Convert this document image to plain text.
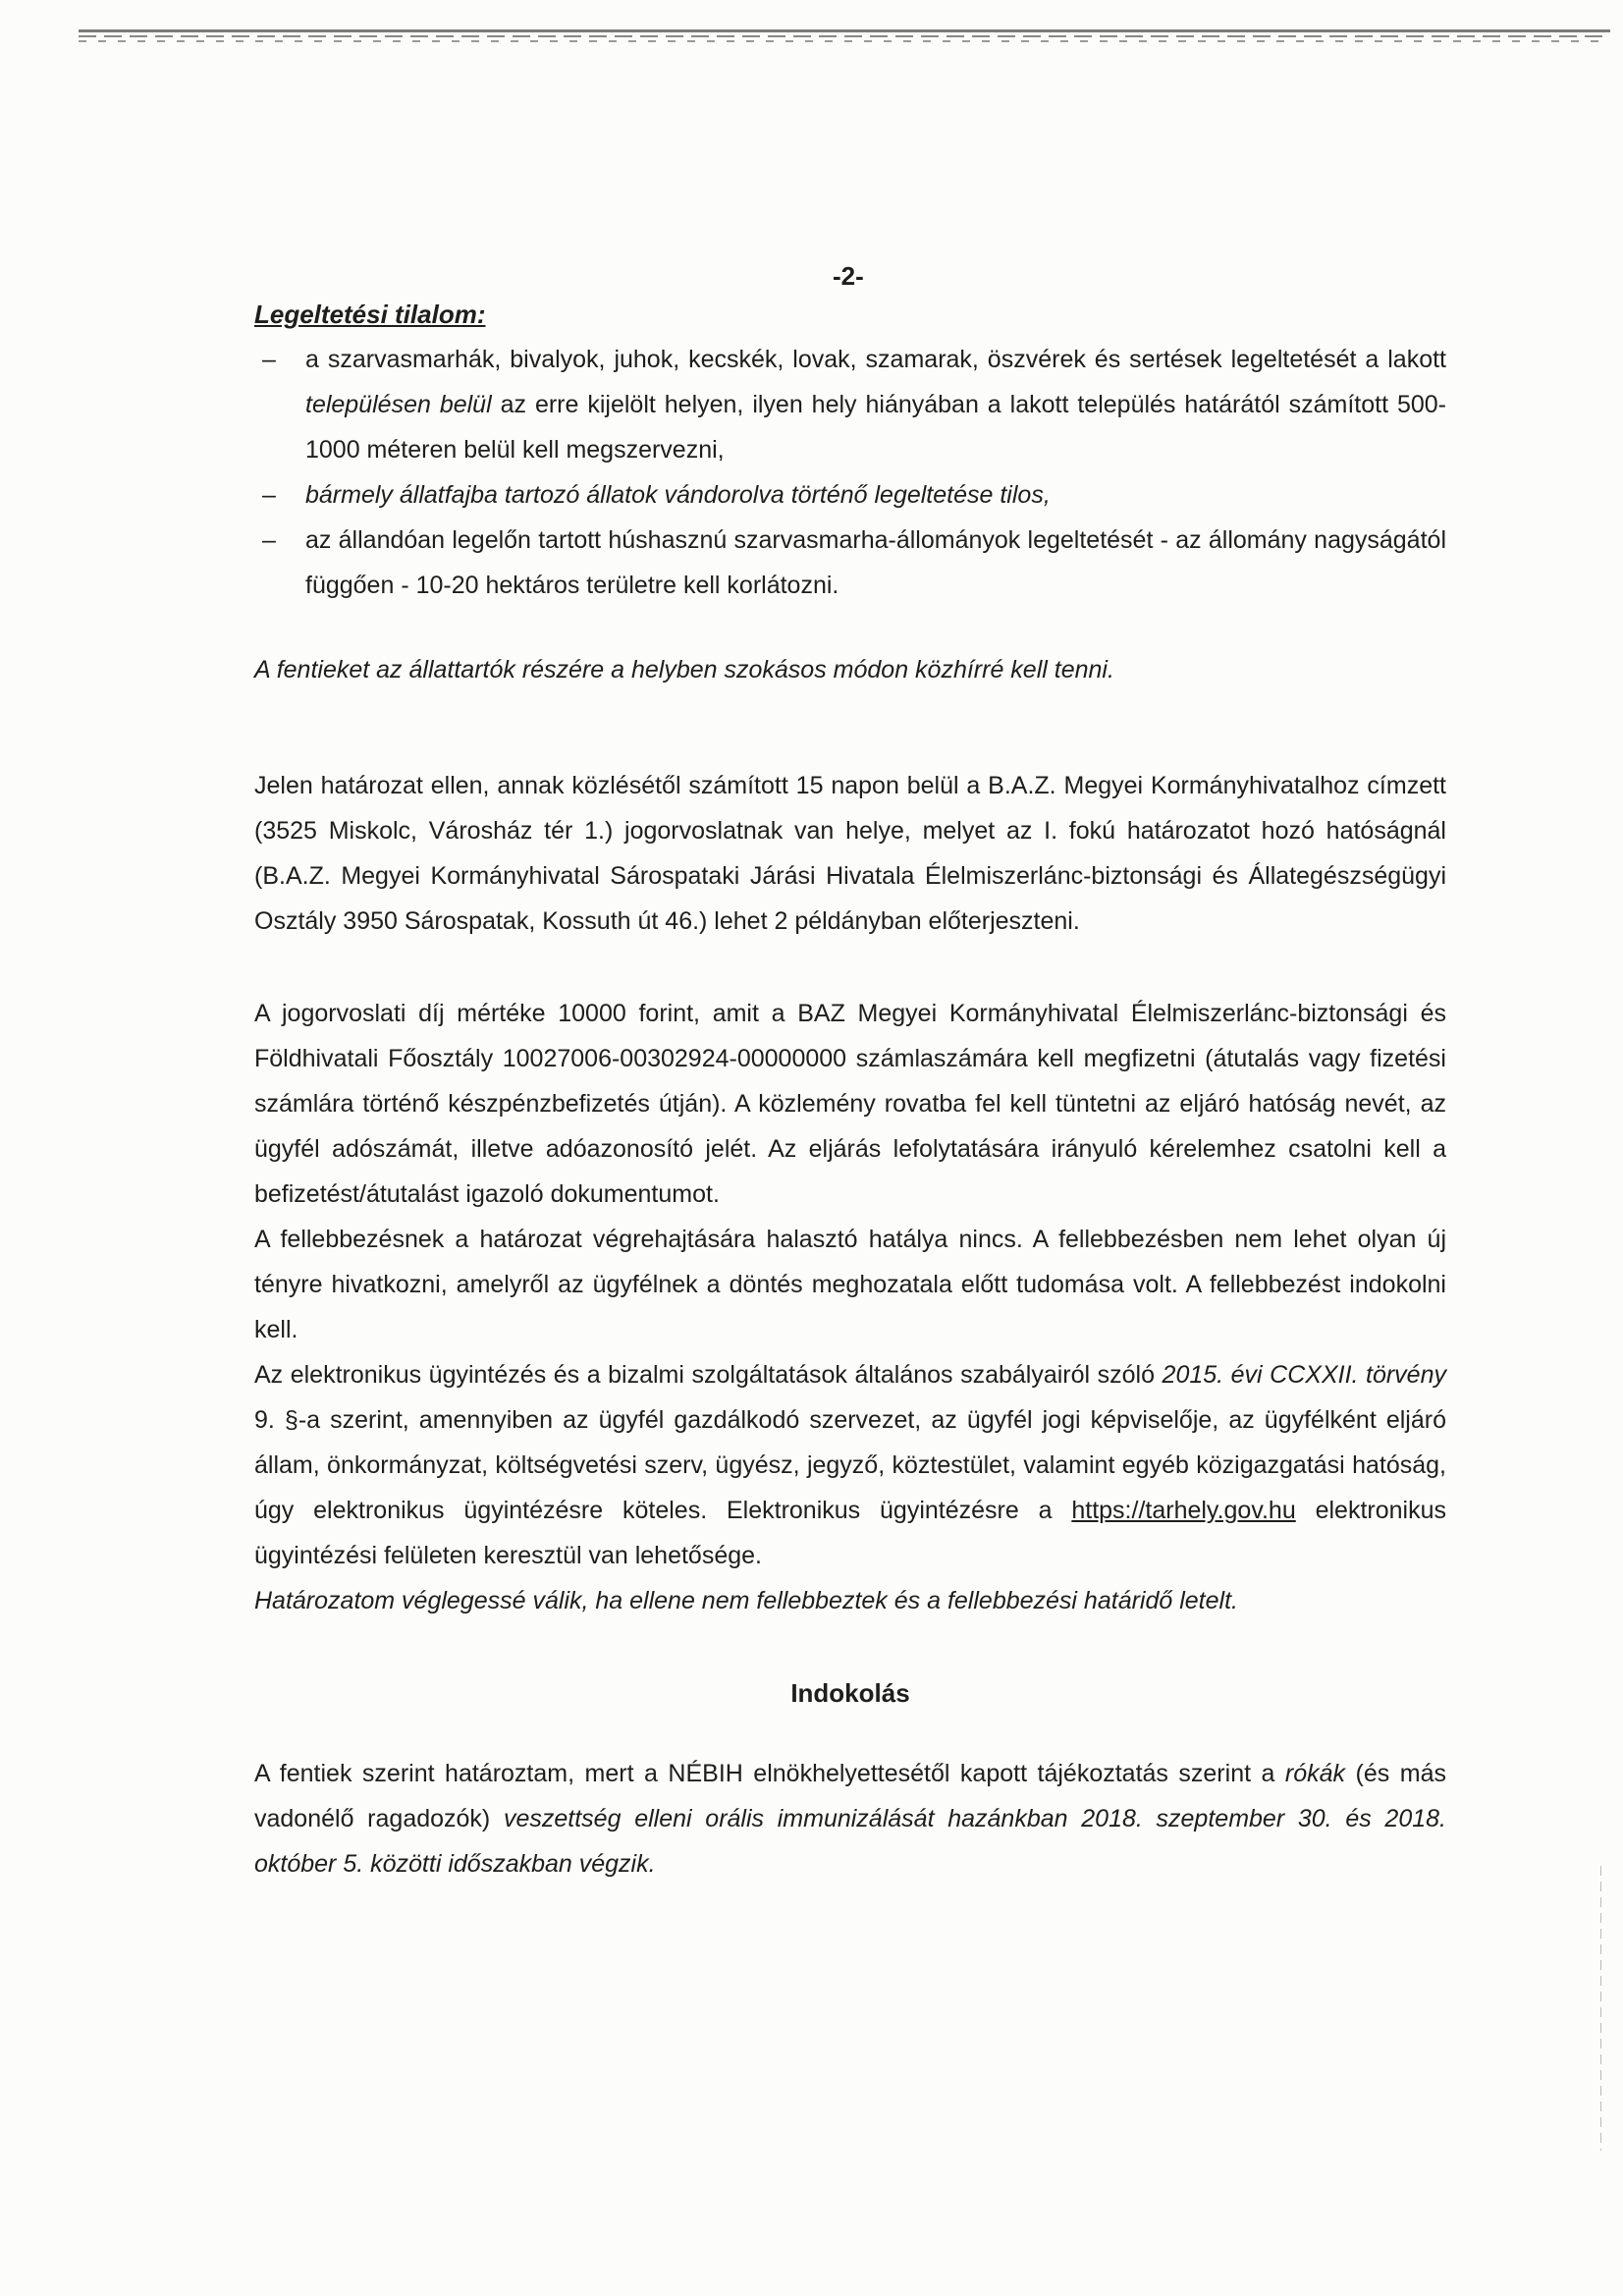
-2-

Legeltetési tilalom:

– a szarvasmarhák, bivalyok, juhok, kecskék, lovak, szamarak, öszvérek és sertések legeltetését a lakott településen belül az erre kijelölt helyen, ilyen hely hiányában a lakott település határától számított 500-1000 méteren belül kell megszervezni,

– bármely állatfajba tartozó állatok vándorolva történő legeltetése tilos,

– az állandóan legelőn tartott húshasznú szarvasmarha-állományok legeltetését - az állomány nagyságától függően - 10-20 hektáros területre kell korlátozni.

A fentieket az állattartók részére a helyben szokásos módon közhírré kell tenni.

Jelen határozat ellen, annak közlésétől számított 15 napon belül a B.A.Z. Megyei Kormányhivatalhoz címzett (3525 Miskolc, Városház tér 1.) jogorvoslatnak van helye, melyet az I. fokú határozatot hozó hatóságnál (B.A.Z. Megyei Kormányhivatal Sárospataki Járási Hivatala Élelmiszerlánc-biztonsági és Állategészségügyi Osztály 3950 Sárospatak, Kossuth út 46.) lehet 2 példányban előterjeszteni.

A jogorvoslati díj mértéke 10000 forint, amit a BAZ Megyei Kormányhivatal Élelmiszerlánc-biztonsági és Földhivatali Főosztály 10027006-00302924-00000000 számlaszámára kell megfizetni (átutalás vagy fizetési számlára történő készpénzbefizetés útján). A közlemény rovatba fel kell tüntetni az eljáró hatóság nevét, az ügyfél adószámát, illetve adóazonosító jelét. Az eljárás lefolytatására irányuló kérelemhez csatolni kell a befizetést/átutalást igazoló dokumentumot.

A fellebbezésnek a határozat végrehajtására halasztó hatálya nincs. A fellebbezésben nem lehet olyan új tényre hivatkozni, amelyről az ügyfélnek a döntés meghozatala előtt tudomása volt. A fellebbezést indokolni kell.

Az elektronikus ügyintézés és a bizalmi szolgáltatások általános szabályairól szóló 2015. évi CCXXII. törvény 9. §-a szerint, amennyiben az ügyfél gazdálkodó szervezet, az ügyfél jogi képviselője, az ügyfélként eljáró állam, önkormányzat, költségvetési szerv, ügyész, jegyző, köztestület, valamint egyéb közigazgatási hatóság, úgy elektronikus ügyintézésre köteles. Elektronikus ügyintézésre a https://tarhely.gov.hu elektronikus ügyintézési felületen keresztül van lehetősége.

Határozatom véglegessé válik, ha ellene nem fellebbeztek és a fellebbezési határidő letelt.

Indokolás

A fentiek szerint határoztam, mert a NÉBIH elnökhelyettesétől kapott tájékoztatás szerint a rókák (és más vadonélő ragadozók) veszettség elleni orális immunizálását hazánkban 2018. szeptember 30. és 2018. október 5. közötti időszakban végzik.
